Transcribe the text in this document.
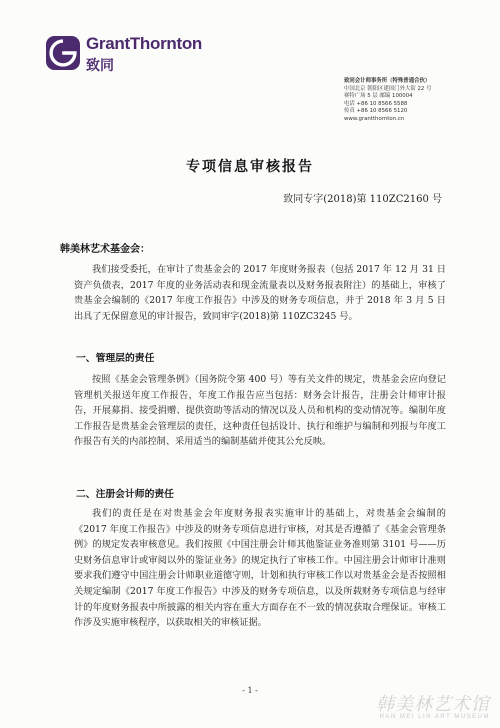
GrantThornton
致同
致同会计师事务所（特殊普通合伙）
中国北京 朝阳区建国门外大街 22 号
赛特广场 5 层 邮编 100004
电话 +86 10 8566 5588
传真 +86 10 8566 5120
www.grantthornton.cn
专项信息审核报告
致同专字(2018)第 110ZC2160 号
韩美林艺术基金会：
我们接受委托，在审计了贵基金会的 2017 年度财务报表（包括 2017 年 12 月 31 日资产负债表，2017 年度的业务活动表和现金流量表以及财务报表附注）的基础上，审核了贵基金会编制的《2017 年度工作报告》中涉及的财务专项信息，并于 2018 年 3 月 5 日出具了无保留意见的审计报告，致同审字(2018)第 110ZC3245 号。
一、管理层的责任
按照《基金会管理条例》（国务院令第 400 号）等有关文件的规定，贵基金会应向登记管理机关报送年度工作报告，年度工作报告应当包括：财务会计报告，注册会计师审计报告，开展募捐、接受捐赠、提供资助等活动的情况以及人员和机构的变动情况等。编制年度工作报告是贵基金会管理层的责任，这种责任包括设计、执行和维护与编制和列报与年度工作报告有关的内部控制、采用适当的编制基础并使其公允反映。
二、注册会计师的责任
我们的责任是在对贵基金会年度财务报表实施审计的基础上，对贵基金会编制的《2017 年度工作报告》中涉及的财务专项信息进行审核，对其是否遵循了《基金会管理条例》的规定发表审核意见。我们按照《中国注册会计师其他鉴证业务准则第 3101 号——历史财务信息审计或审阅以外的鉴证业务》的规定执行了审核工作。中国注册会计师审计准则要求我们遵守中国注册会计师职业道德守则，计划和执行审核工作以对贵基金会是否按照相关规定编制《2017 年度工作报告》中涉及的财务专项信息，以及所载财务专项信息与经审计的年度财务报表中所披露的相关内容在重大方面存在不一致的情况获取合理保证。审核工作涉及实施审核程序，以获取相关的审核证据。
- 1 -
韩美林艺术馆
HAN MEI LIN ART MUSEUM
